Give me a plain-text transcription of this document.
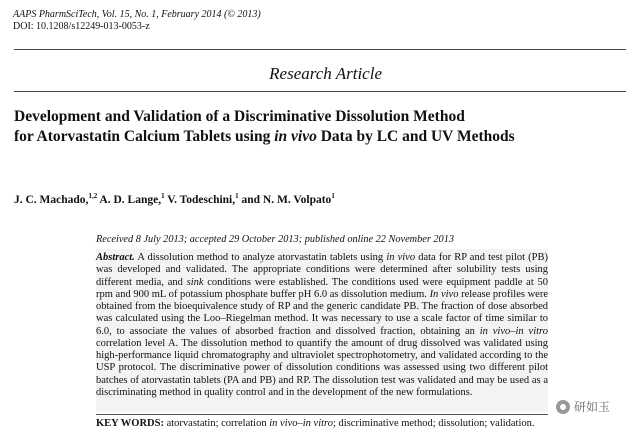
AAPS PharmSciTech, Vol. 15, No. 1, February 2014 (© 2013)
DOI: 10.1208/s12249-013-0053-z
Research Article
Development and Validation of a Discriminative Dissolution Method
for Atorvastatin Calcium Tablets using in vivo Data by LC and UV Methods
J. C. Machado,$^{1,2}$ A. D. Lange,$^1$ V. Todeschini,$^1$ and N. M. Volpato$^1$
Received 8 July 2013; accepted 29 October 2013; published online 22 November 2013

Abstract. A dissolution method to analyze atorvastatin tablets using in vivo data for RP and test pilot (PB) was developed and validated. The appropriate conditions were determined after solubility tests using different media, and sink conditions were established. The conditions used were equipment paddle at 50 rpm and 900 mL of potassium phosphate buffer pH 6.0 as dissolution medium. In vivo release profiles were obtained from the bioequivalence study of RP and the generic candidate PB. The fraction of dose absorbed was calculated using the Loo–Riegelman method. It was necessary to use a scale factor of time similar to 6.0, to associate the values of absorbed fraction and dissolved fraction, obtaining an in vivo–in vitro correlation level A. The dissolution method to quantify the amount of drug dissolved was validated using high-performance liquid chromatography and ultraviolet spectrophotometry, and validated according to the USP protocol. The discriminative power of dissolution conditions was assessed using two different pilot batches of atorvastatin tablets (PA and PB) and RP. The dissolution test was validated and may be used as a discriminating method in quality control and in the development of the new formulations.

KEY WORDS: atorvastatin; correlation in vivo–in vitro; discriminative method; dissolution; validation.
研如玉
